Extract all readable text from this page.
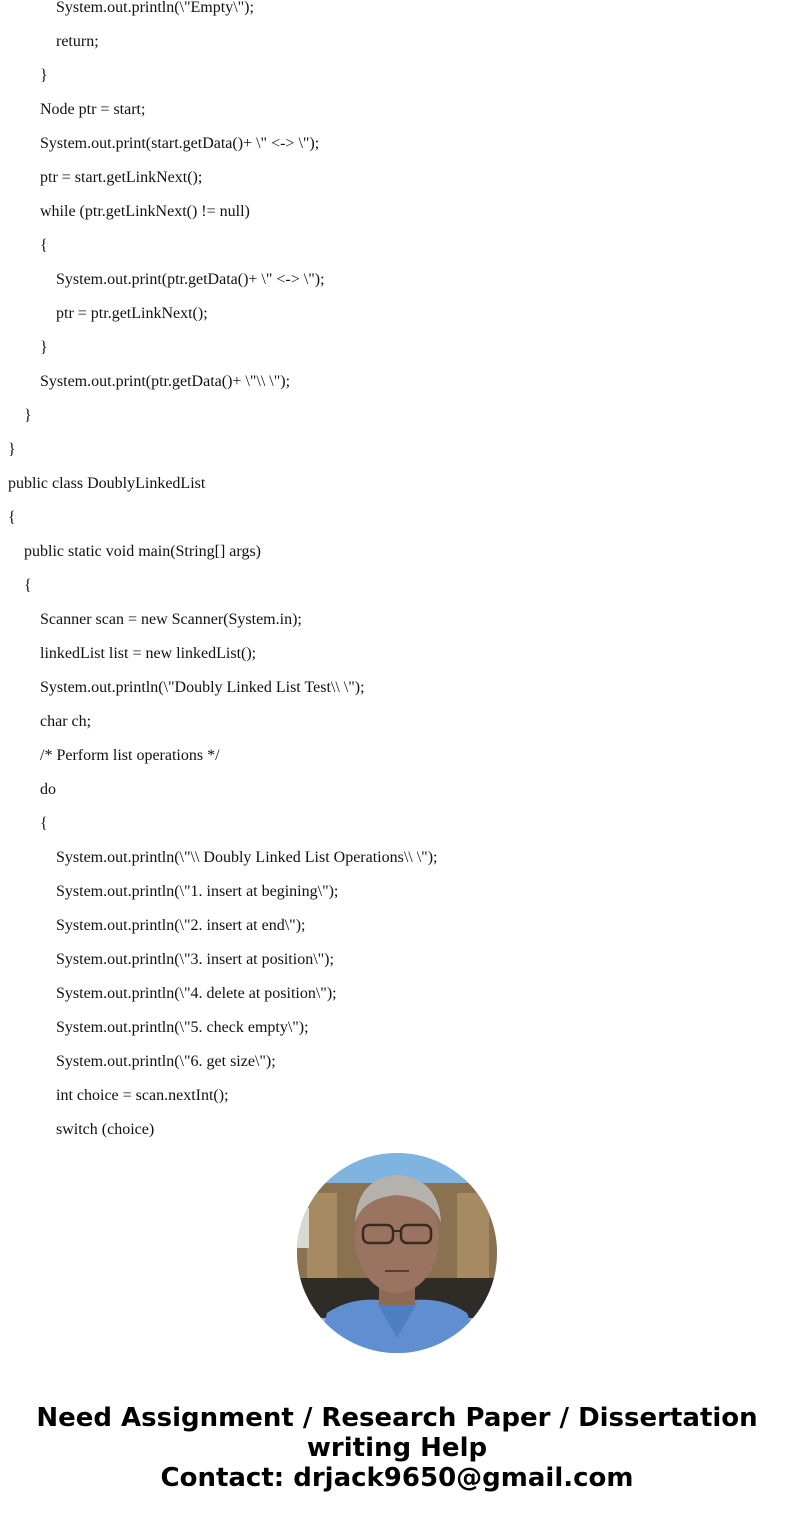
System.out.println(\"Empty\");
return;
}
Node ptr = start;
System.out.print(start.getData()+ \" <-> \");
ptr = start.getLinkNext();
while (ptr.getLinkNext() != null)
{
System.out.print(ptr.getData()+ \" <-> \");
ptr = ptr.getLinkNext();
}
System.out.print(ptr.getData()+ \"\\ \");
}
}
public class DoublyLinkedList
{
public static void main(String[] args)
{
Scanner scan = new Scanner(System.in);
linkedList list = new linkedList();
System.out.println(\"Doubly Linked List Test\\ \");
char ch;
/* Perform list operations */
do
{
System.out.println(\"\\ Doubly Linked List Operations\\ \");
System.out.println(\"1. insert at begining\");
System.out.println(\"2. insert at end\");
System.out.println(\"3. insert at position\");
System.out.println(\"4. delete at position\");
System.out.println(\"5. check empty\");
System.out.println(\"6. get size\");
int choice = scan.nextInt();
switch (choice)
Need Assignment / Research Paper / Dissertation
writing Help
Contact: drjack9650@gmail.com
